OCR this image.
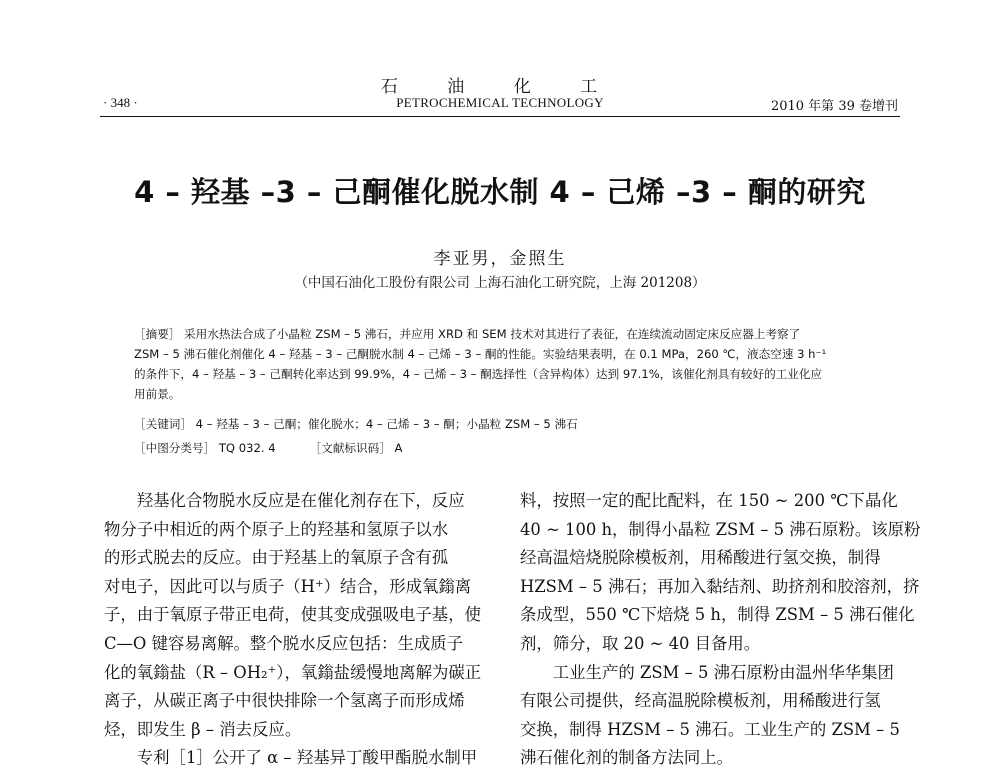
石 油 化 工
· 348 ·	PETROCHEMICAL TECHNOLOGY	2010 年第 39 卷增刊
4 – 羟基 –3 – 己酮催化脱水制 4 – 己烯 –3 – 酮的研究
李亚男，金照生
（中国石油化工股份有限公司 上海石油化工研究院，上海 201208）
［摘要］ 采用水热法合成了小晶粒 ZSM – 5 沸石，并应用 XRD 和 SEM 技术对其进行了表征，在连续流动固定床反应器上考察了
ZSM – 5 沸石催化剂催化 4 – 羟基 – 3 – 己酮脱水制 4 – 己烯 – 3 – 酮的性能。实验结果表明，在 0.1 MPa，260 ℃，液态空速 3 h⁻¹
的条件下，4 – 羟基 – 3 – 己酮转化率达到 99.9%，4 – 己烯 – 3 – 酮选择性（含异构体）达到 97.1%，该催化剂具有较好的工业化应
用前景。
［关键词］ 4 – 羟基 – 3 – 己酮；催化脱水；4 – 己烯 – 3 – 酮；小晶粒 ZSM – 5 沸石
［中图分类号］ TQ 032. 4	［文献标识码］ A
　　羟基化合物脱水反应是在催化剂存在下，反应
物分子中相近的两个原子上的羟基和氢原子以水
的形式脱去的反应。由于羟基上的氧原子含有孤
对电子，因此可以与质子（H⁺）结合，形成氧鎓离
子，由于氧原子带正电荷，使其变成强吸电子基，使
C—O 键容易离解。整个脱水反应包括：生成质子
化的氧鎓盐（R – OH₂⁺），氧鎓盐缓慢地离解为碳正
离子，从碳正离子中很快排除一个氢离子而形成烯
烃，即发生 β – 消去反应。
　　专利［1］公开了 α – 羟基异丁酸甲酯脱水制甲
料，按照一定的配比配料，在 150 ~ 200 ℃下晶化
40 ~ 100 h，制得小晶粒 ZSM – 5 沸石原粉。该原粉
经高温焙烧脱除模板剂，用稀酸进行氢交换，制得
HZSM – 5 沸石；再加入黏结剂、助挤剂和胶溶剂，挤
条成型，550 ℃下焙烧 5 h，制得 ZSM – 5 沸石催化
剂，筛分，取 20 ~ 40 目备用。
　　工业生产的 ZSM – 5 沸石原粉由温州华华集团
有限公司提供，经高温脱除模板剂，用稀酸进行氢
交换，制得 HZSM – 5 沸石。工业生产的 ZSM – 5
沸石催化剂的制备方法同上。
